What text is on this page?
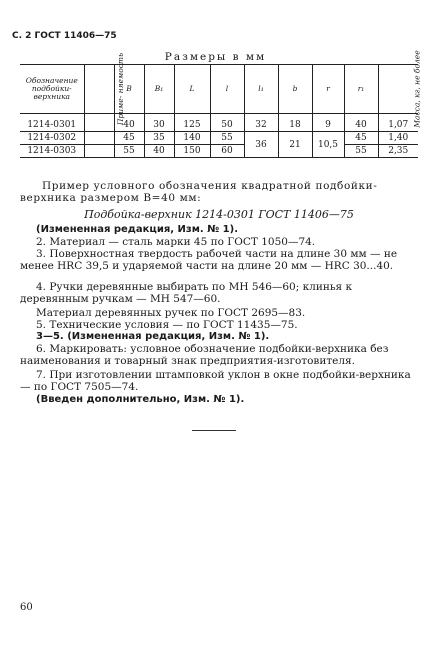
С. 2 ГОСТ 11406—75
Размеры в мм
Обозначение подбойки-верхника	Приме- няемость	B	B₁	L	l	l₁	b	r	r₁	Масса, кг, не более
1214-0301		40	30	125	50	32	18	9	40	1,07
1214-0302		45	35	140	55	36	21	10,5	45	1,40
1214-0303		55	40	150	60				55	2,35
Пример условного обозначения квадратной подбойки-верхника размером B=40 мм:
Подбойка-верхник 1214-0301 ГОСТ 11406—75
(Измененная редакция, Изм. № 1).
2. Материал — сталь марки 45 по ГОСТ 1050—74.
3. Поверхностная твердость рабочей части на длине 30 мм — не менее HRC 39,5 и ударяемой части на длине 20 мм — HRC 30...40.
4. Ручки деревянные выбирать по МН 546—60; клинья к деревянным ручкам — МН 547—60.
Материал деревянных ручек по ГОСТ 2695—83.
5. Технические условия — по ГОСТ 11435—75.
3—5. (Измененная редакция, Изм. № 1).
6. Маркировать: условное обозначение подбойки-верхника без наименования и товарный знак предприятия-изготовителя.
7. При изготовлении штамповкой уклон в окне подбойки-верхника — по ГОСТ 7505—74.
(Введен дополнительно, Изм. № 1).
60
